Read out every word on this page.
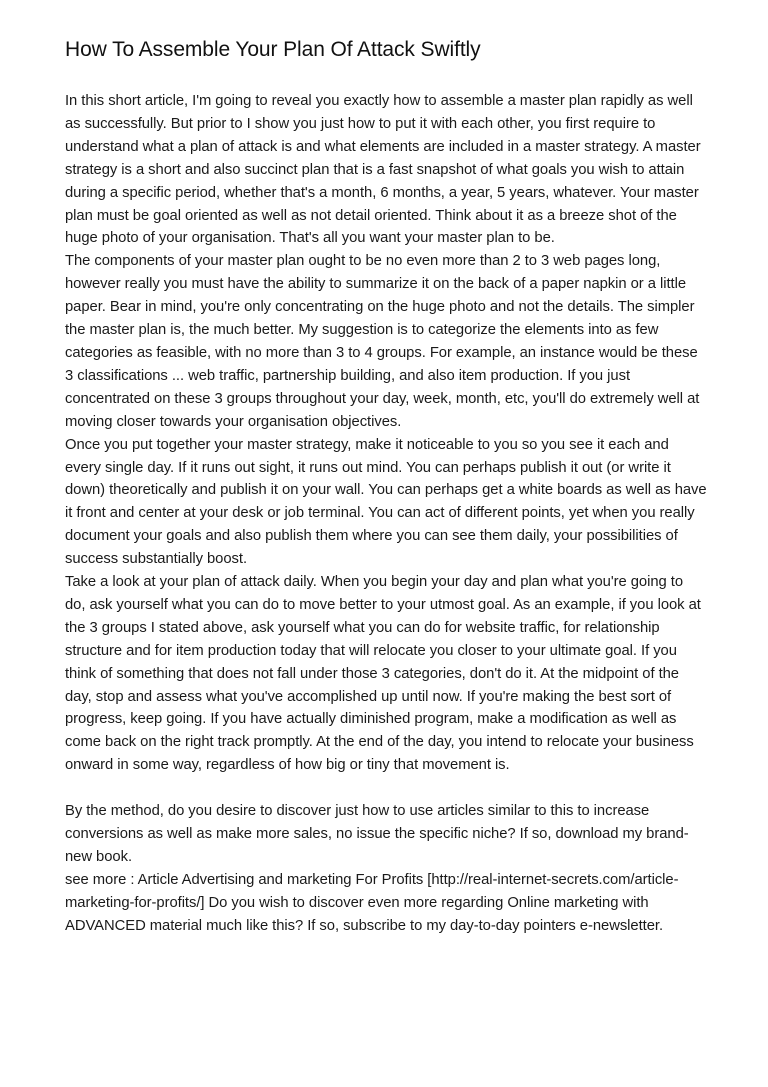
How To Assemble Your Plan Of Attack Swiftly

In this short article, I'm going to reveal you exactly how to assemble a master plan rapidly as well as successfully. But prior to I show you just how to put it with each other, you first require to understand what a plan of attack is and what elements are included in a master strategy. A master strategy is a short and also succinct plan that is a fast snapshot of what goals you wish to attain during a specific period, whether that's a month, 6 months, a year, 5 years, whatever. Your master plan must be goal oriented as well as not detail oriented. Think about it as a breeze shot of the huge photo of your organisation. That's all you want your master plan to be.

The components of your master plan ought to be no even more than 2 to 3 web pages long, however really you must have the ability to summarize it on the back of a paper napkin or a little paper. Bear in mind, you're only concentrating on the huge photo and not the details. The simpler the master plan is, the much better. My suggestion is to categorize the elements into as few categories as feasible, with no more than 3 to 4 groups. For example, an instance would be these 3 classifications ... web traffic, partnership building, and also item production. If you just concentrated on these 3 groups throughout your day, week, month, etc, you'll do extremely well at moving closer towards your organisation objectives.

Once you put together your master strategy, make it noticeable to you so you see it each and every single day. If it runs out sight, it runs out mind. You can perhaps publish it out (or write it down) theoretically and publish it on your wall. You can perhaps get a white boards as well as have it front and center at your desk or job terminal. You can act of different points, yet when you really document your goals and also publish them where you can see them daily, your possibilities of success substantially boost.

Take a look at your plan of attack daily. When you begin your day and plan what you're going to do, ask yourself what you can do to move better to your utmost goal. As an example, if you look at the 3 groups I stated above, ask yourself what you can do for website traffic, for relationship structure and for item production today that will relocate you closer to your ultimate goal. If you think of something that does not fall under those 3 categories, don't do it. At the midpoint of the day, stop and assess what you've accomplished up until now. If you're making the best sort of progress, keep going. If you have actually diminished program, make a modification as well as come back on the right track promptly. At the end of the day, you intend to relocate your business onward in some way, regardless of how big or tiny that movement is.

By the method, do you desire to discover just how to use articles similar to this to increase conversions as well as make more sales, no issue the specific niche? If so, download my brand-new book.

see more : Article Advertising and marketing For Profits [http://real-internet-secrets.com/article-marketing-for-profits/] Do you wish to discover even more regarding Online marketing with ADVANCED material much like this? If so, subscribe to my day-to-day pointers e-newsletter.
